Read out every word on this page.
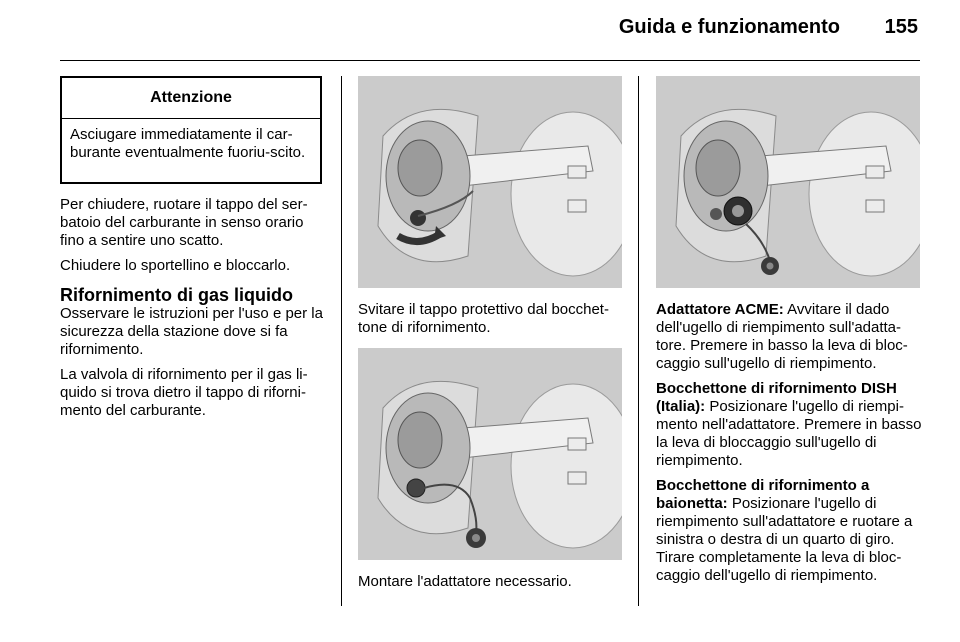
Guida e funzionamento	155
Attenzione
Asciugare immediatamente il car-burante eventualmente fuoriu-scito.

Per chiudere, ruotare il tappo del ser-batoio del carburante in senso orario fino a sentire uno scatto.

Chiudere lo sportellino e bloccarlo.

Rifornimento di gas liquido

Osservare le istruzioni per l'uso e per la sicurezza della stazione dove si fa rifornimento.

La valvola di rifornimento per il gas li-quido si trova dietro il tappo di riforni-mento del carburante.

Svitare il tappo protettivo dal bocchet-tone di rifornimento.
Montare l'adattatore necessario.

Adattatore ACME: Avvitare il dado dell'ugello di riempimento sull'adatta-tore. Premere in basso la leva di bloc-caggio sull'ugello di riempimento.

Bocchettone di rifornimento DISH (Italia): Posizionare l'ugello di riempi-mento nell'adattatore. Premere in basso la leva di bloccaggio sull'ugello di riempimento.

Bocchettone di rifornimento a baionetta: Posizionare l'ugello di riempimento sull'adattatore e ruotare a sinistra o destra di un quarto di giro. Tirare completamente la leva di bloc-caggio dell'ugello di riempimento.
